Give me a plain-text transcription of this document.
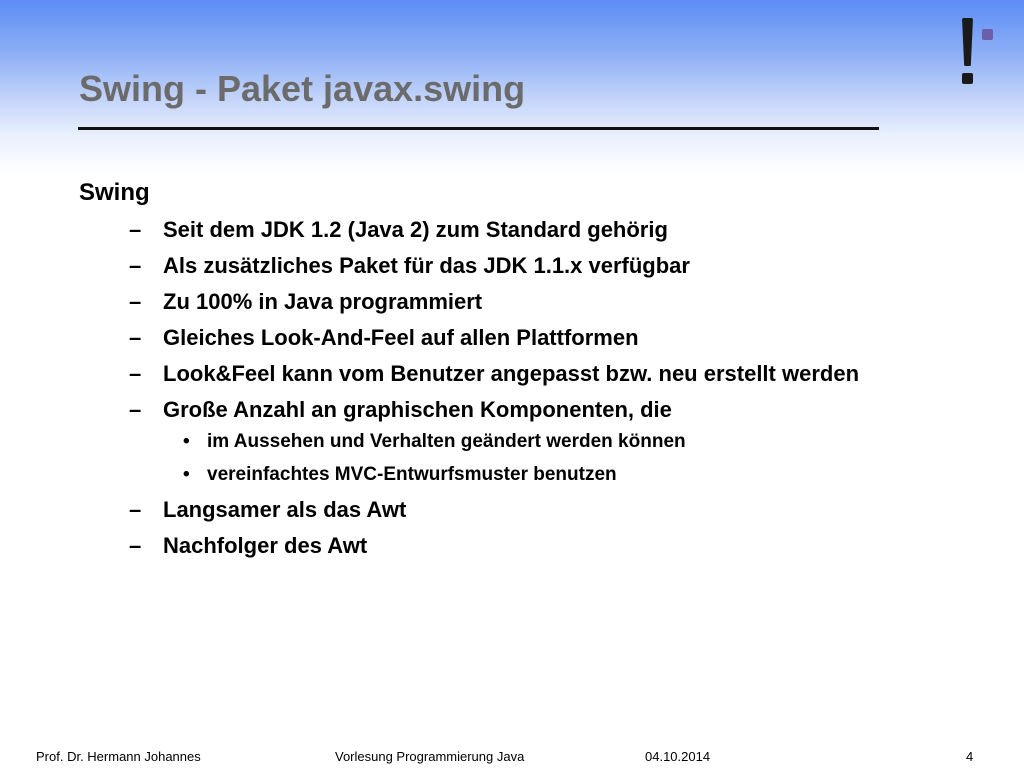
Swing - Paket javax.swing
Swing
– Seit dem JDK 1.2 (Java 2) zum Standard gehörig
– Als zusätzliches Paket für das JDK 1.1.x verfügbar
– Zu 100% in Java programmiert
– Gleiches Look-And-Feel auf allen Plattformen
– Look&Feel kann vom Benutzer angepasst bzw. neu erstellt werden
– Große Anzahl an graphischen Komponenten, die
• im Aussehen und Verhalten geändert werden können
• vereinfachtes MVC-Entwurfsmuster benutzen
– Langsamer als das Awt
– Nachfolger des Awt
Prof. Dr. Hermann Johannes	Vorlesung Programmierung Java	04.10.2014	4
